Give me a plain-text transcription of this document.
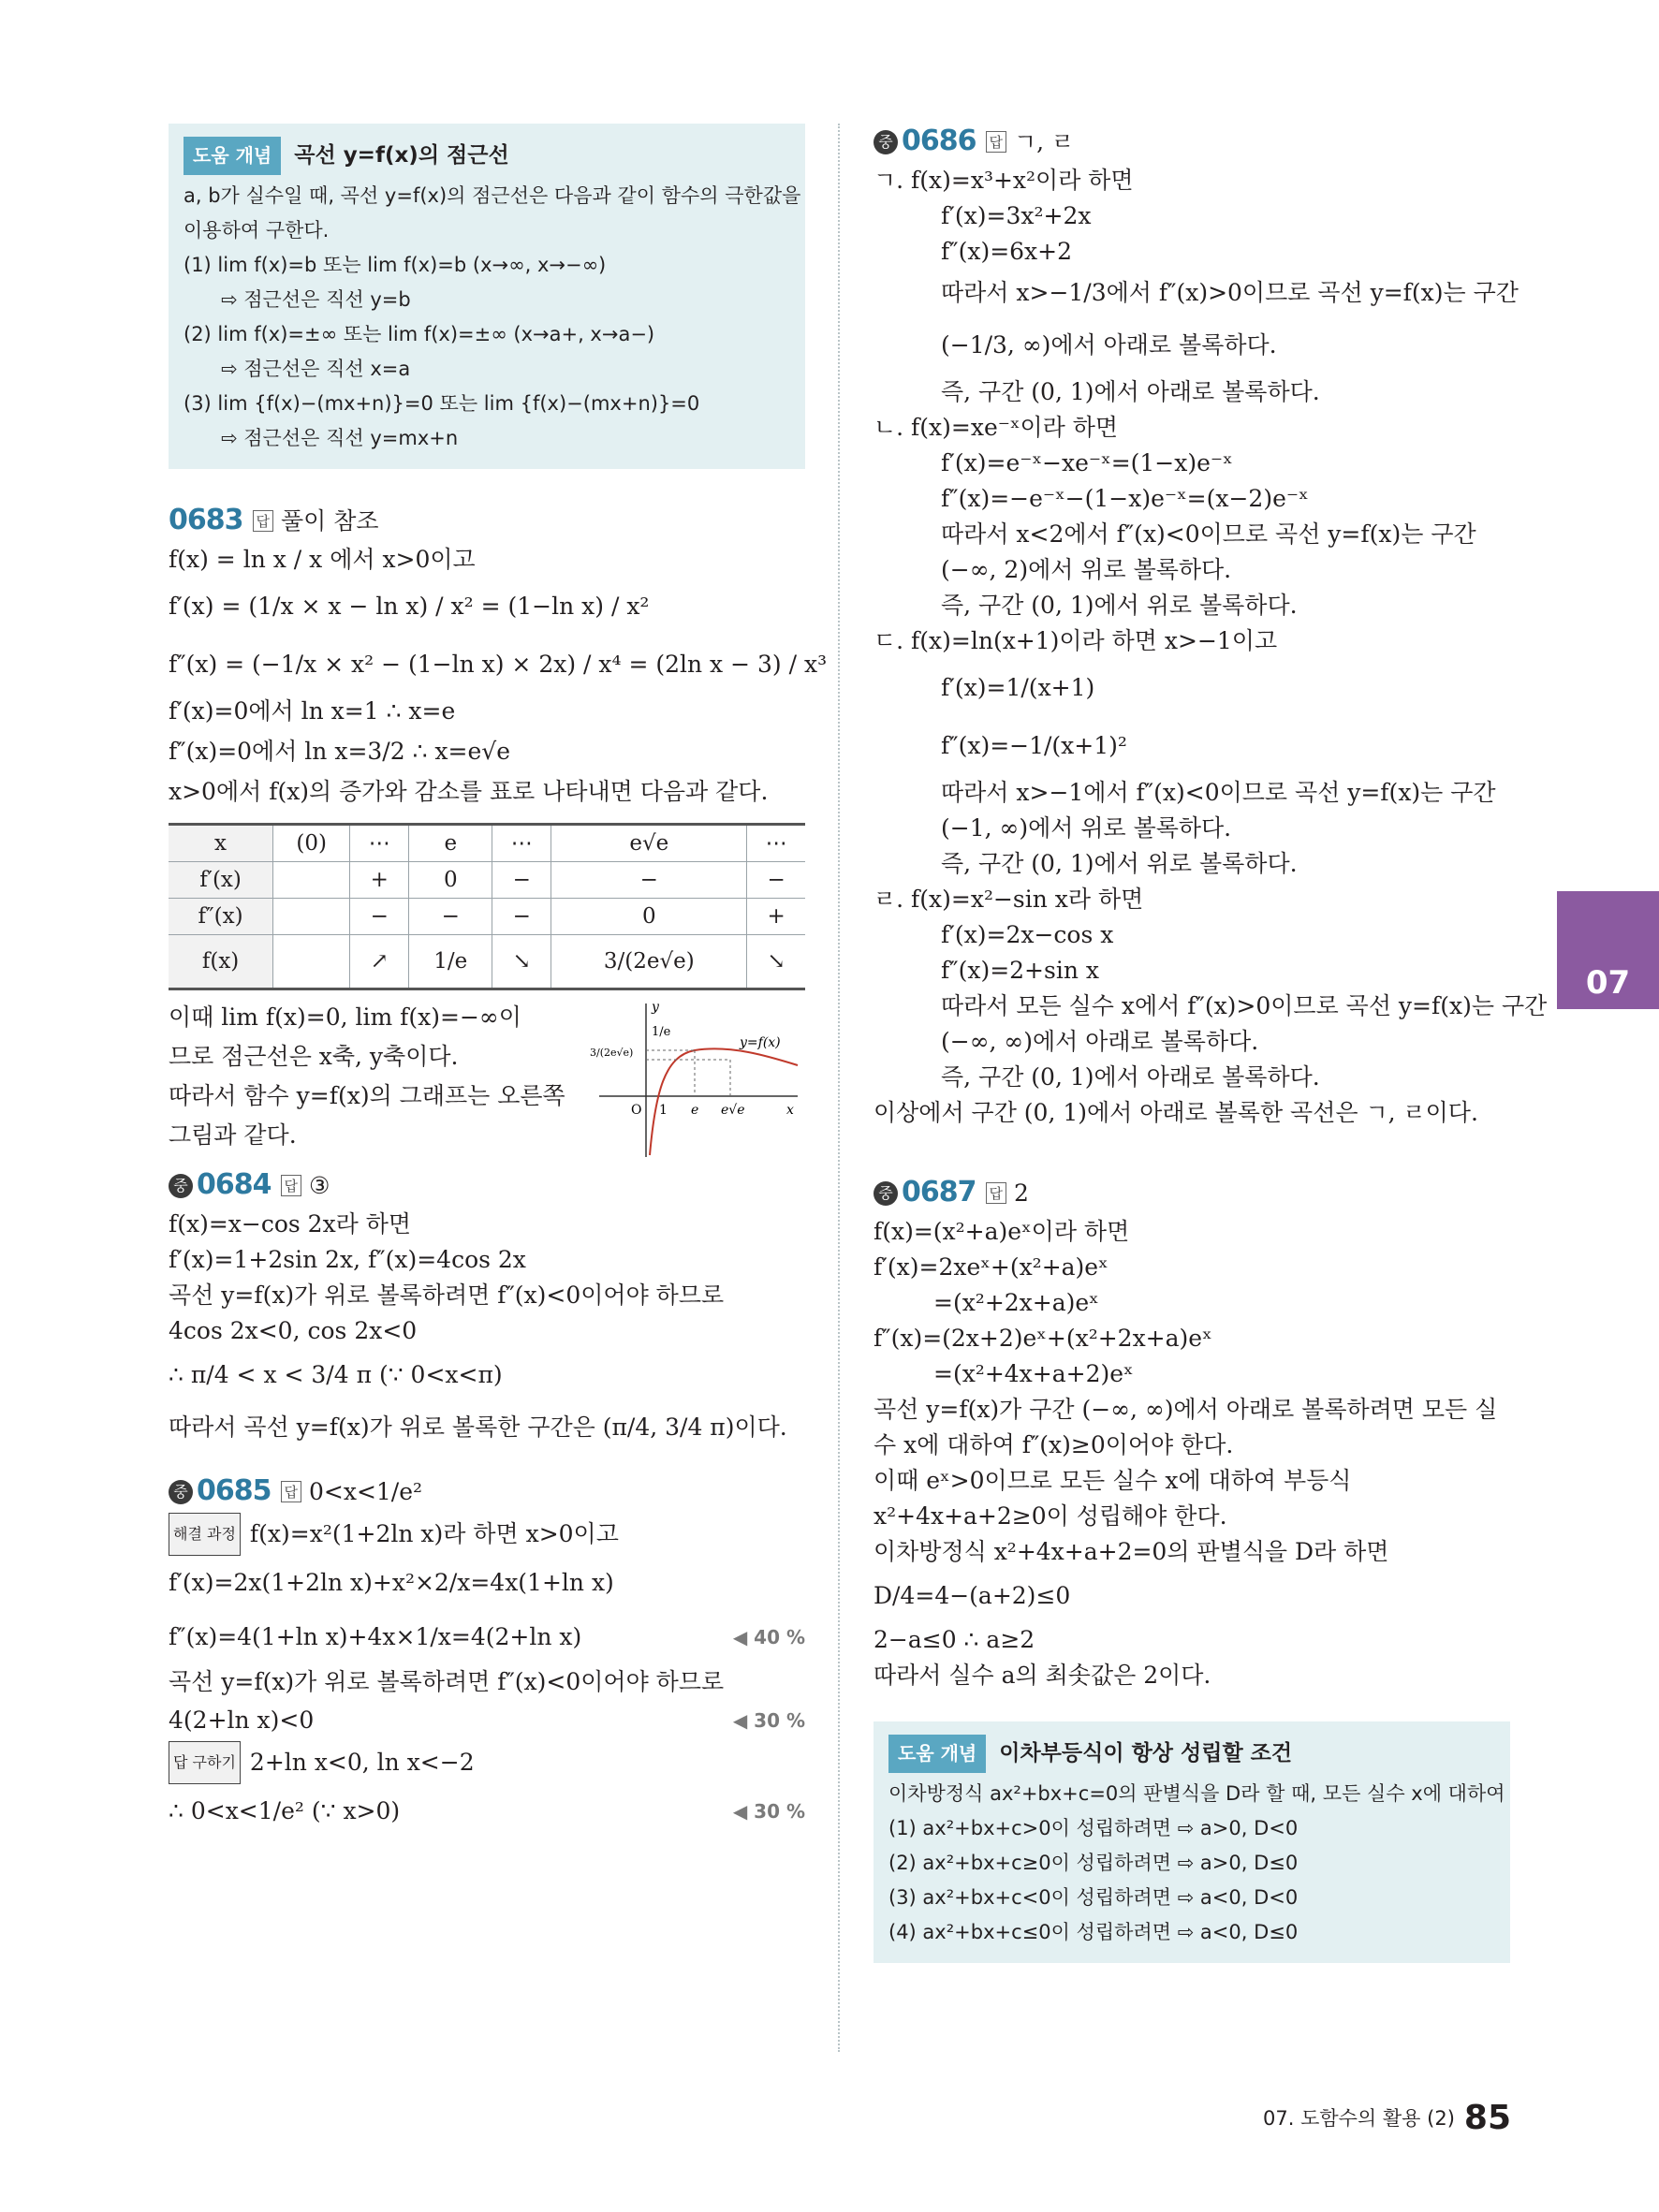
도움 개념 곡선 y=f(x)의 점근선
a, b가 실수일 때, 곡선 y=f(x)의 점근선은 다음과 같이 함수의 극한값을
이용하여 구한다.
(1) lim f(x)=b 또는 lim f(x)=b (x→∞, x→−∞)
⇨ 점근선은 직선 y=b
(2) lim f(x)=±∞ 또는 lim f(x)=±∞ (x→a+, x→a−)
⇨ 점근선은 직선 x=a
(3) lim {f(x)−(mx+n)}=0 또는 lim {f(x)−(mx+n)}=0
⇨ 점근선은 직선 y=mx+n
0683 답 풀이 참조
f(x) = ln x / x 에서 x>0이고
f′(x) = (1/x × x − ln x) / x² = (1−ln x) / x²
f″(x) = (−1/x × x² − (1−ln x) × 2x) / x⁴ = (2ln x − 3) / x³
f′(x)=0에서 ln x=1 ∴ x=e
f″(x)=0에서 ln x=3/2 ∴ x=e√e
x>0에서 f(x)의 증가와 감소를 표로 나타내면 다음과 같다.
x	(0)	⋯	e	⋯	e√e	⋯
f′(x)		+	0	−	−	−
f″(x)		−	−	−	0	+
f(x)		↗	1/e	↘	3/(2e√e)	↘
이때 lim f(x)=0, lim f(x)=−∞이
므로 점근선은 x축, y축이다.
따라서 함수 y=f(x)의 그래프는 오른쪽
그림과 같다.
y
1/e
3/(2e√e)
y=f(x)
O 1 e e√e	x
중 0684 답 ③
f(x)=x−cos 2x라 하면
f′(x)=1+2sin 2x, f″(x)=4cos 2x
곡선 y=f(x)가 위로 볼록하려면 f″(x)<0이어야 하므로
4cos 2x<0, cos 2x<0
∴ π/4 < x < 3/4 π (∵ 0<x<π)
따라서 곡선 y=f(x)가 위로 볼록한 구간은 (π/4, 3/4 π)이다.
중 0685 답 0<x<1/e²
해결 과정 f(x)=x²(1+2ln x)라 하면 x>0이고
f′(x)=2x(1+2ln x)+x²×2/x=4x(1+ln x)
f″(x)=4(1+ln x)+4x×1/x=4(2+ln x)	◀ 40 %
곡선 y=f(x)가 위로 볼록하려면 f″(x)<0이어야 하므로
4(2+ln x)<0	◀ 30 %
답 구하기 2+ln x<0, ln x<−2
∴ 0<x<1/e² (∵ x>0)	◀ 30 %
중 0686 답 ㄱ, ㄹ
ㄱ. f(x)=x³+x²이라 하면
f′(x)=3x²+2x
f″(x)=6x+2
따라서 x>−1/3에서 f″(x)>0이므로 곡선 y=f(x)는 구간
(−1/3, ∞)에서 아래로 볼록하다.
즉, 구간 (0, 1)에서 아래로 볼록하다.
ㄴ. f(x)=xe⁻ˣ이라 하면
f′(x)=e⁻ˣ−xe⁻ˣ=(1−x)e⁻ˣ
f″(x)=−e⁻ˣ−(1−x)e⁻ˣ=(x−2)e⁻ˣ
따라서 x<2에서 f″(x)<0이므로 곡선 y=f(x)는 구간
(−∞, 2)에서 위로 볼록하다.
즉, 구간 (0, 1)에서 위로 볼록하다.
ㄷ. f(x)=ln(x+1)이라 하면 x>−1이고
f′(x)=1/(x+1)
f″(x)=−1/(x+1)²
따라서 x>−1에서 f″(x)<0이므로 곡선 y=f(x)는 구간
(−1, ∞)에서 위로 볼록하다.
즉, 구간 (0, 1)에서 위로 볼록하다.
ㄹ. f(x)=x²−sin x라 하면
f′(x)=2x−cos x
f″(x)=2+sin x
따라서 모든 실수 x에서 f″(x)>0이므로 곡선 y=f(x)는 구간
(−∞, ∞)에서 아래로 볼록하다.
즉, 구간 (0, 1)에서 아래로 볼록하다.
이상에서 구간 (0, 1)에서 아래로 볼록한 곡선은 ㄱ, ㄹ이다.
중 0687 답 2
f(x)=(x²+a)eˣ이라 하면
f′(x)=2xeˣ+(x²+a)eˣ
=(x²+2x+a)eˣ
f″(x)=(2x+2)eˣ+(x²+2x+a)eˣ
=(x²+4x+a+2)eˣ
곡선 y=f(x)가 구간 (−∞, ∞)에서 아래로 볼록하려면 모든 실
수 x에 대하여 f″(x)≥0이어야 한다.
이때 eˣ>0이므로 모든 실수 x에 대하여 부등식
x²+4x+a+2≥0이 성립해야 한다.
이차방정식 x²+4x+a+2=0의 판별식을 D라 하면
D/4=4−(a+2)≤0
2−a≤0 ∴ a≥2
따라서 실수 a의 최솟값은 2이다.
도움 개념 이차부등식이 항상 성립할 조건
이차방정식 ax²+bx+c=0의 판별식을 D라 할 때, 모든 실수 x에 대하여
(1) ax²+bx+c>0이 성립하려면 ⇨ a>0, D<0
(2) ax²+bx+c≥0이 성립하려면 ⇨ a>0, D≤0
(3) ax²+bx+c<0이 성립하려면 ⇨ a<0, D<0
(4) ax²+bx+c≤0이 성립하려면 ⇨ a<0, D≤0
07
07. 도함수의 활용 (2) 85
